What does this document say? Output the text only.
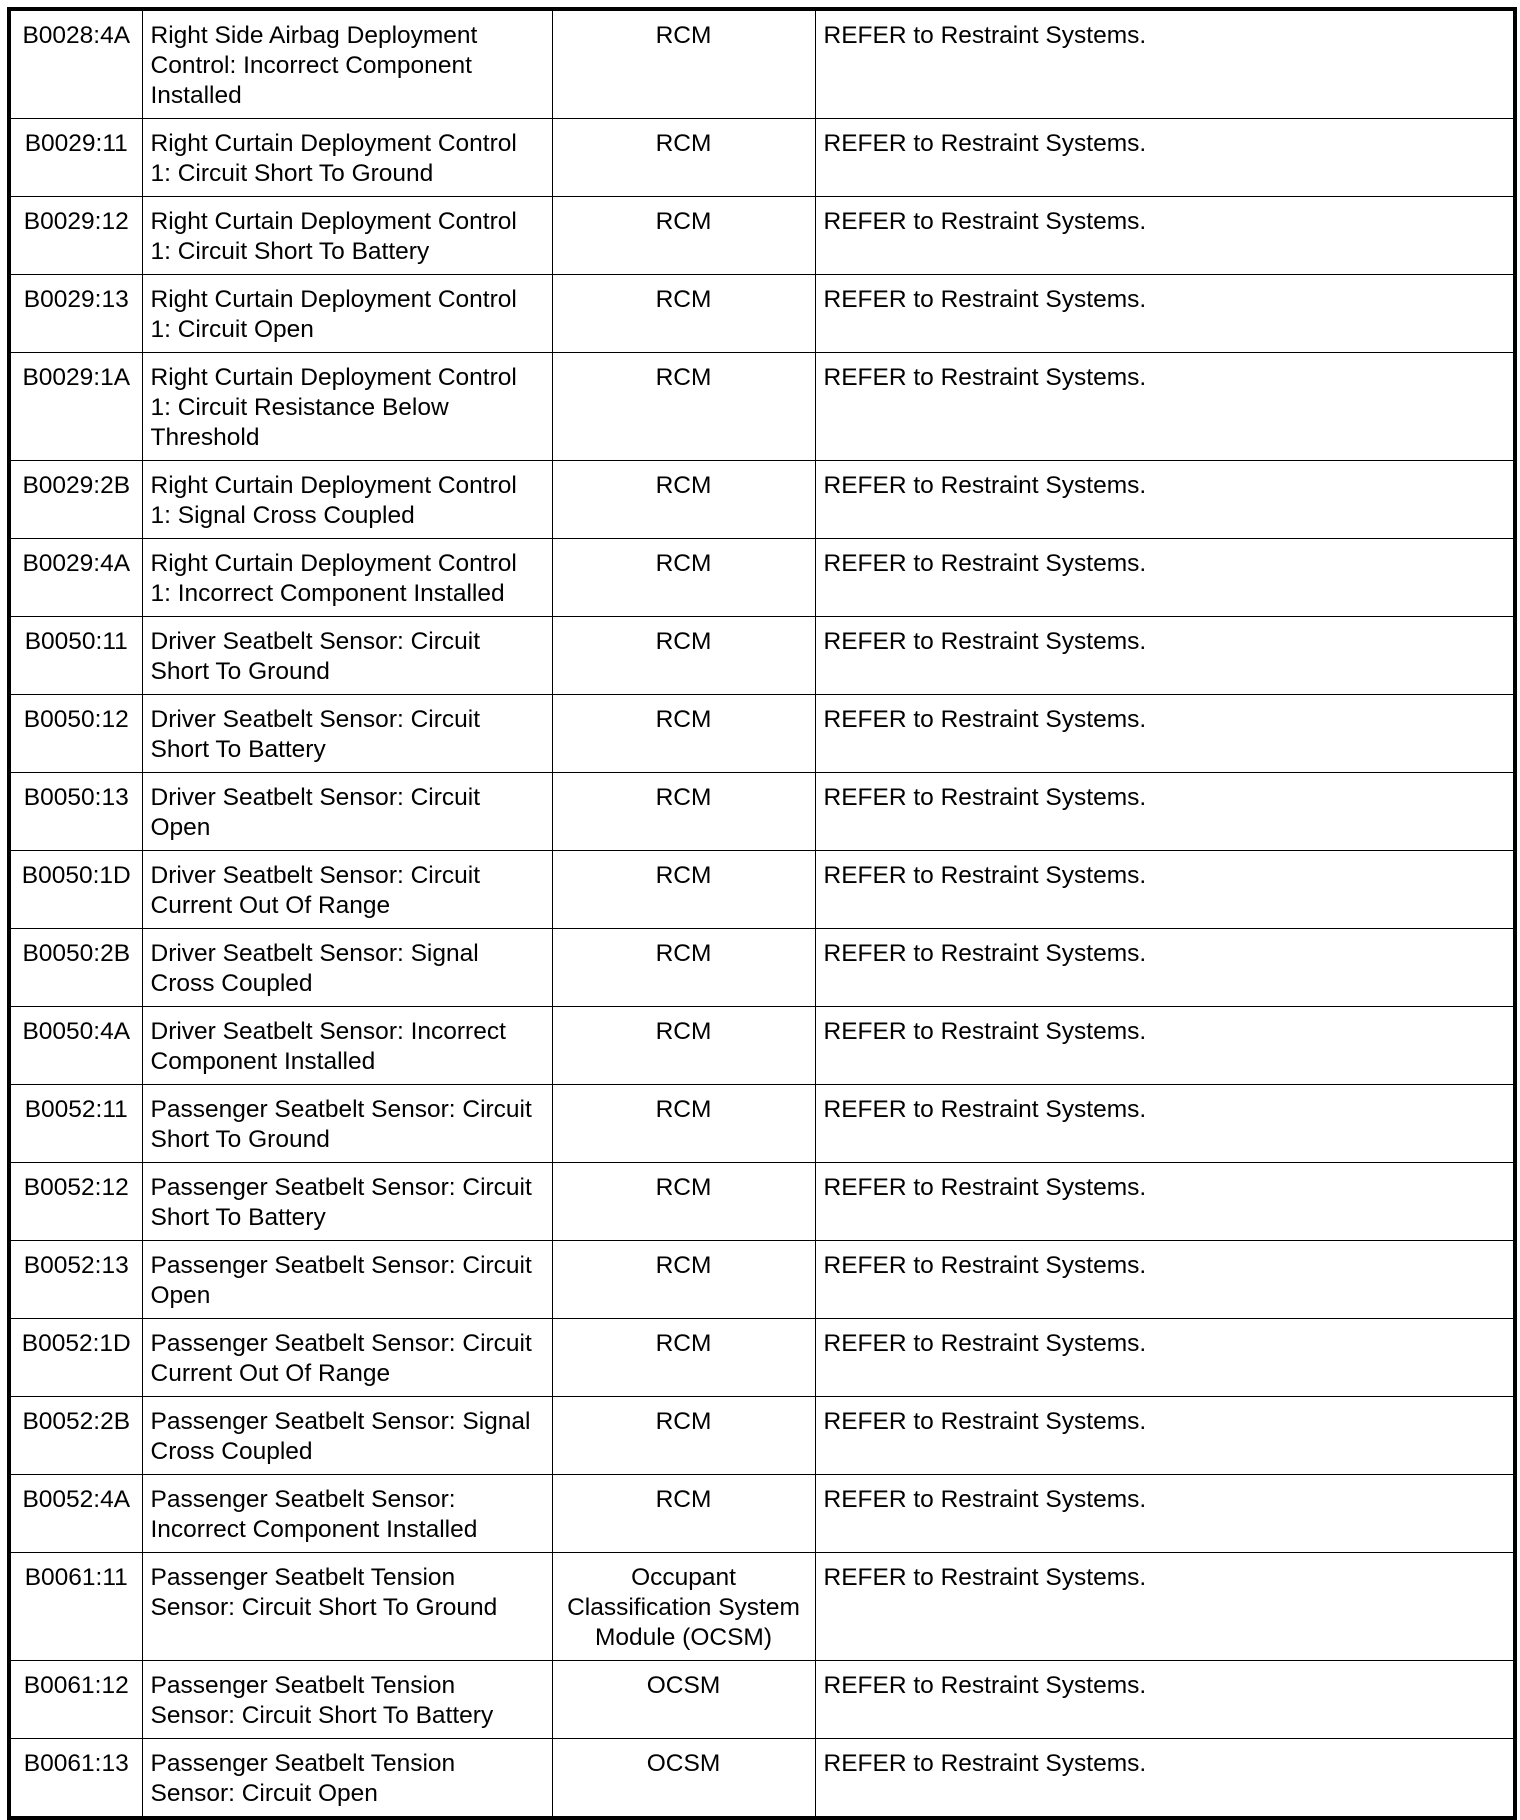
B0028:4A	Right Side Airbag Deployment Control: Incorrect Component Installed	RCM	REFER to Restraint Systems.
B0029:11	Right Curtain Deployment Control 1: Circuit Short To Ground	RCM	REFER to Restraint Systems.
B0029:12	Right Curtain Deployment Control 1: Circuit Short To Battery	RCM	REFER to Restraint Systems.
B0029:13	Right Curtain Deployment Control 1: Circuit Open	RCM	REFER to Restraint Systems.
B0029:1A	Right Curtain Deployment Control 1: Circuit Resistance Below Threshold	RCM	REFER to Restraint Systems.
B0029:2B	Right Curtain Deployment Control 1: Signal Cross Coupled	RCM	REFER to Restraint Systems.
B0029:4A	Right Curtain Deployment Control 1: Incorrect Component Installed	RCM	REFER to Restraint Systems.
B0050:11	Driver Seatbelt Sensor: Circuit Short To Ground	RCM	REFER to Restraint Systems.
B0050:12	Driver Seatbelt Sensor: Circuit Short To Battery	RCM	REFER to Restraint Systems.
B0050:13	Driver Seatbelt Sensor: Circuit Open	RCM	REFER to Restraint Systems.
B0050:1D	Driver Seatbelt Sensor: Circuit Current Out Of Range	RCM	REFER to Restraint Systems.
B0050:2B	Driver Seatbelt Sensor: Signal Cross Coupled	RCM	REFER to Restraint Systems.
B0050:4A	Driver Seatbelt Sensor: Incorrect Component Installed	RCM	REFER to Restraint Systems.
B0052:11	Passenger Seatbelt Sensor: Circuit Short To Ground	RCM	REFER to Restraint Systems.
B0052:12	Passenger Seatbelt Sensor: Circuit Short To Battery	RCM	REFER to Restraint Systems.
B0052:13	Passenger Seatbelt Sensor: Circuit Open	RCM	REFER to Restraint Systems.
B0052:1D	Passenger Seatbelt Sensor: Circuit Current Out Of Range	RCM	REFER to Restraint Systems.
B0052:2B	Passenger Seatbelt Sensor: Signal Cross Coupled	RCM	REFER to Restraint Systems.
B0052:4A	Passenger Seatbelt Sensor: Incorrect Component Installed	RCM	REFER to Restraint Systems.
B0061:11	Passenger Seatbelt Tension Sensor: Circuit Short To Ground	Occupant Classification System Module (OCSM)	REFER to Restraint Systems.
B0061:12	Passenger Seatbelt Tension Sensor: Circuit Short To Battery	OCSM	REFER to Restraint Systems.
B0061:13	Passenger Seatbelt Tension Sensor: Circuit Open	OCSM	REFER to Restraint Systems.
